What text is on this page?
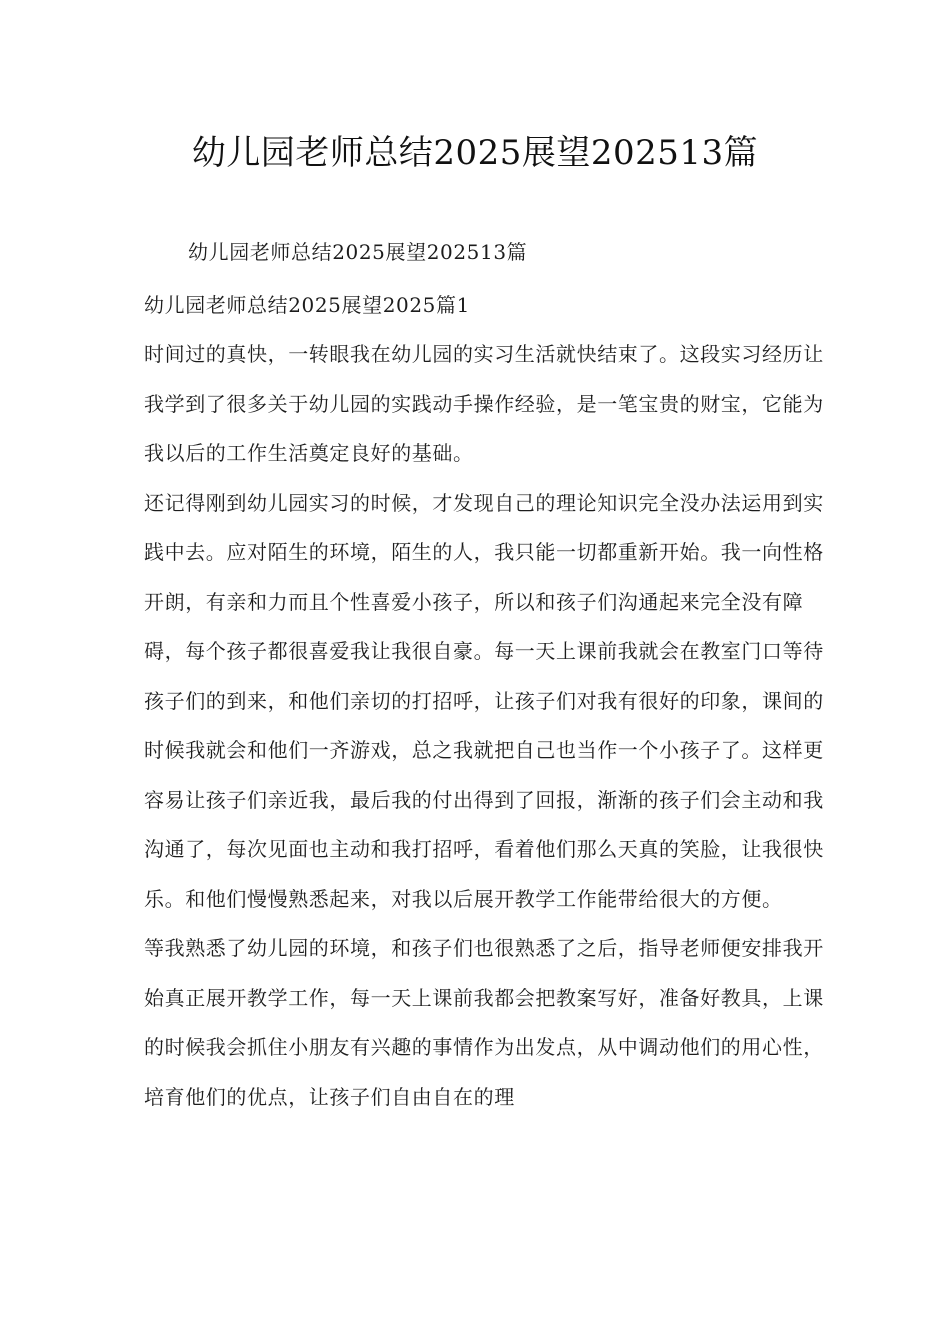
幼儿园老师总结2025展望202513篇

幼儿园老师总结2025展望202513篇

幼儿园老师总结2025展望2025篇1

时间过的真快，一转眼我在幼儿园的实习生活就快结束了。这段实习经历让我学到了很多关于幼儿园的实践动手操作经验，是一笔宝贵的财宝，它能为我以后的工作生活奠定良好的基础。

还记得刚到幼儿园实习的时候，才发现自己的理论知识完全没办法运用到实践中去。应对陌生的环境，陌生的人，我只能一切都重新开始。我一向性格开朗，有亲和力而且个性喜爱小孩子，所以和孩子们沟通起来完全没有障碍，每个孩子都很喜爱我让我很自豪。每一天上课前我就会在教室门口等待孩子们的到来，和他们亲切的打招呼，让孩子们对我有很好的印象，课间的时候我就会和他们一齐游戏，总之我就把自己也当作一个小孩子了。这样更容易让孩子们亲近我，最后我的付出得到了回报，渐渐的孩子们会主动和我沟通了，每次见面也主动和我打招呼，看着他们那么天真的笑脸，让我很快乐。和他们慢慢熟悉起来，对我以后展开教学工作能带给很大的方便。

等我熟悉了幼儿园的环境，和孩子们也很熟悉了之后，指导老师便安排我开始真正展开教学工作，每一天上课前我都会把教案写好，准备好教具，上课的时候我会抓住小朋友有兴趣的事情作为出发点，从中调动他们的用心性，培育他们的优点，让孩子们自由自在的理
